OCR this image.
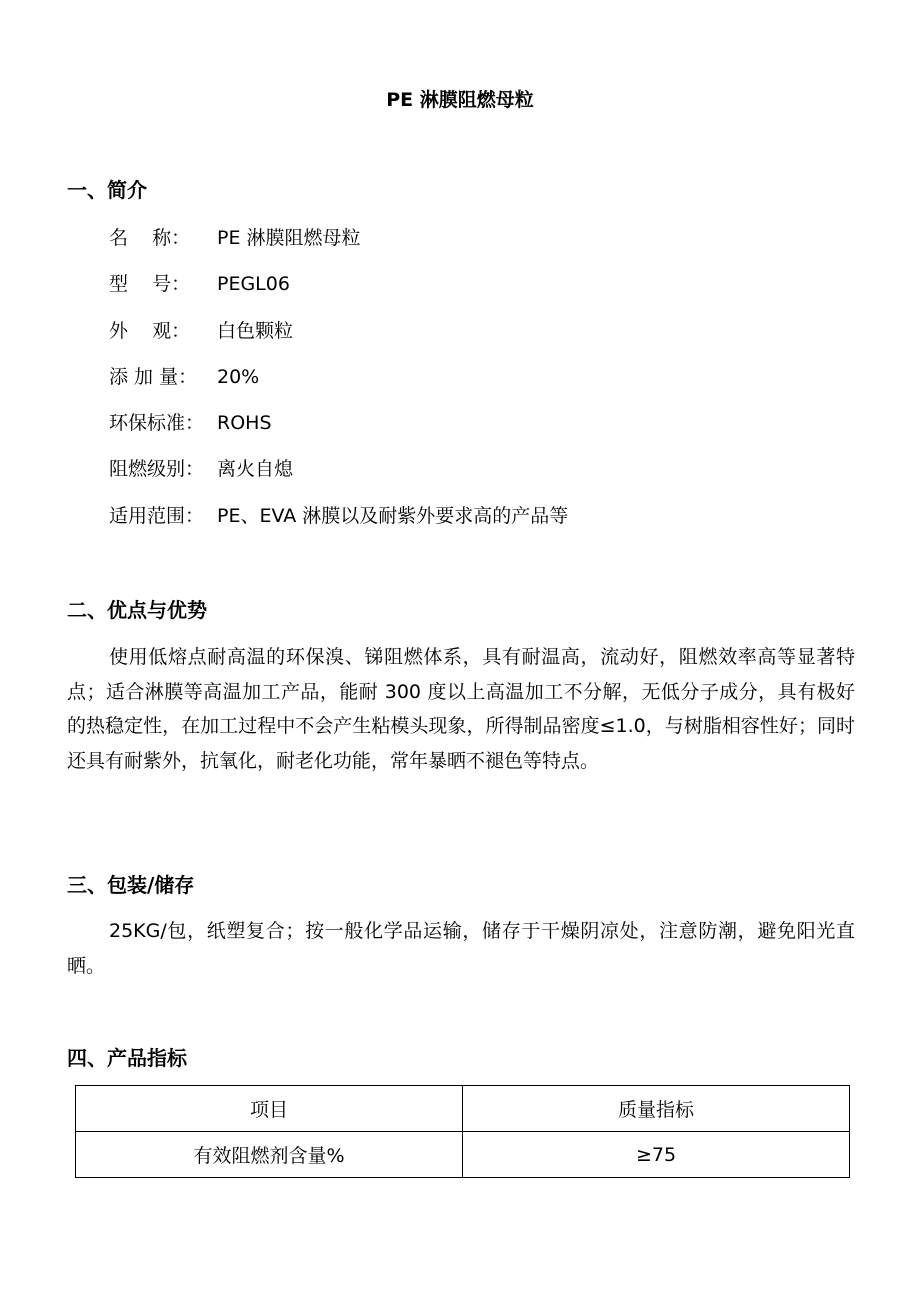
PE 淋膜阻燃母粒
一、简介
名    称：	PE 淋膜阻燃母粒
型    号：	PEGL06
外    观：	白色颗粒
添 加 量：	20%
环保标准： ROHS
阻燃级别： 离火自熄
适用范围： PE、EVA 淋膜以及耐紫外要求高的产品等
二、优点与优势

使用低熔点耐高温的环保溴、锑阻燃体系，具有耐温高，流动好，阻燃效率高等显著特点；适合淋膜等高温加工产品，能耐 300 度以上高温加工不分解，无低分子成分，具有极好的热稳定性，在加工过程中不会产生粘模头现象，所得制品密度≤1.0，与树脂相容性好；同时还具有耐紫外，抗氧化，耐老化功能，常年暴晒不褪色等特点。

三、包装/储存

25KG/包，纸塑复合；按一般化学品运输，储存于干燥阴凉处，注意防潮，避免阳光直晒。

四、产品指标
项目	质量指标
有效阻燃剂含量%	≥75
